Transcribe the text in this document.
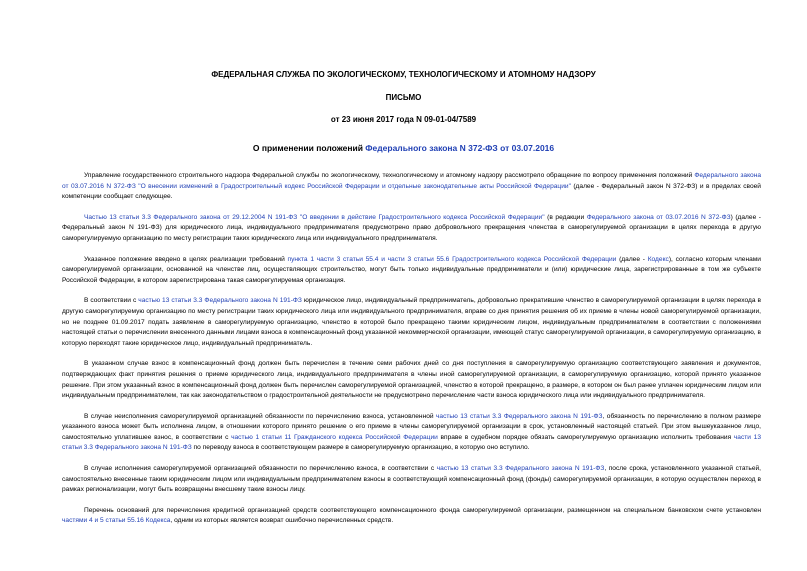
ФЕДЕРАЛЬНАЯ СЛУЖБА ПО ЭКОЛОГИЧЕСКОМУ, ТЕХНОЛОГИЧЕСКОМУ И АТОМНОМУ НАДЗОРУ
ПИСЬМО
от 23 июня 2017 года N 09-01-04/7589
О применении положений Федерального закона N 372-ФЗ от 03.07.2016

Управление государственного строительного надзора Федеральной службы по экологическому, технологическому и атомному надзору рассмотрело обращение по вопросу применения положений Федерального закона от 03.07.2016 N 372-ФЗ "О внесении изменений в Градостроительный кодекс Российской Федерации и отдельные законодательные акты Российской Федерации" (далее - Федеральный закон N 372-ФЗ) и в пределах своей компетенции сообщает следующее.

Частью 13 статьи 3.3 Федерального закона от 29.12.2004 N 191-ФЗ "О введении в действие Градостроительного кодекса Российской Федерации" (в редакции Федерального закона от 03.07.2016 N 372-ФЗ) (далее - Федеральный закон N 191-ФЗ) для юридического лица, индивидуального предпринимателя предусмотрено право добровольного прекращения членства в саморегулируемой организации в целях перехода в другую саморегулируемую организацию по месту регистрации таких юридического лица или индивидуального предпринимателя.

Указанное положение введено в целях реализации требований пункта 1 части 3 статьи 55.4 и части 3 статьи 55.6 Градостроительного кодекса Российской Федерации (далее - Кодекс), согласно которым членами саморегулируемой организации, основанной на членстве лиц, осуществляющих строительство, могут быть только индивидуальные предприниматели и (или) юридические лица, зарегистрированные в том же субъекте Российской Федерации, в котором зарегистрирована такая саморегулируемая организация.

В соответствии с частью 13 статьи 3.3 Федерального закона N 191-ФЗ юридическое лицо, индивидуальный предприниматель, добровольно прекратившие членство в саморегулируемой организации в целях перехода в другую саморегулируемую организацию по месту регистрации таких юридического лица или индивидуального предпринимателя, вправе со дня принятия решения об их приеме в члены новой саморегулируемой организации, но не позднее 01.09.2017 подать заявление в саморегулируемую организацию, членство в которой было прекращено такими юридическим лицом, индивидуальным предпринимателем в соответствии с положениями настоящей статьи о перечислении внесенного данными лицами взноса в компенсационный фонд указанной некоммерческой организации, имеющей статус саморегулируемой организации, в саморегулируемую организацию, в которую переходят такие юридическое лицо, индивидуальный предприниматель.

В указанном случае взнос в компенсационный фонд должен быть перечислен в течение семи рабочих дней со дня поступления в саморегулируемую организацию соответствующего заявления и документов, подтверждающих факт принятия решения о приеме юридического лица, индивидуального предпринимателя в члены иной саморегулируемой организации, в саморегулируемую организацию, которой принято указанное решение. При этом указанный взнос в компенсационный фонд должен быть перечислен саморегулируемой организацией, членство в которой прекращено, в размере, в котором он был ранее уплачен юридическим лицом или индивидуальным предпринимателем, так как законодательством о градостроительной деятельности не предусмотрено перечисление части взноса юридического лица или индивидуального предпринимателя.

В случае неисполнения саморегулируемой организацией обязанности по перечислению взноса, установленной частью 13 статьи 3.3 Федерального закона N 191-ФЗ, обязанность по перечислению в полном размере указанного взноса может быть исполнена лицом, в отношении которого принято решение о его приеме в члены саморегулируемой организации в срок, установленный настоящей статьей. При этом вышеуказанное лицо, самостоятельно уплатившее взнос, в соответствии с частью 1 статьи 11 Гражданского кодекса Российской Федерации вправе в судебном порядке обязать саморегулируемую организацию исполнить требования части 13 статьи 3.3 Федерального закона N 191-ФЗ по переводу взноса в соответствующем размере в саморегулируемую организацию, в которую оно вступило.

В случае исполнения саморегулируемой организацией обязанности по перечислению взноса, в соответствии с частью 13 статьи 3.3 Федерального закона N 191-ФЗ, после срока, установленного указанной статьей, самостоятельно внесенные таким юридическим лицом или индивидуальным предпринимателем взносы в соответствующий компенсационный фонд (фонды) саморегулируемой организации, в которую осуществлен переход в рамках регионализации, могут быть возвращены внесшему такие взносы лицу.

Перечень оснований для перечисления кредитной организацией средств соответствующего компенсационного фонда саморегулируемой организации, размещенном на специальном банковском счете установлен частями 4 и 5 статьи 55.16 Кодекса, одним из которых является возврат ошибочно перечисленных средств.
